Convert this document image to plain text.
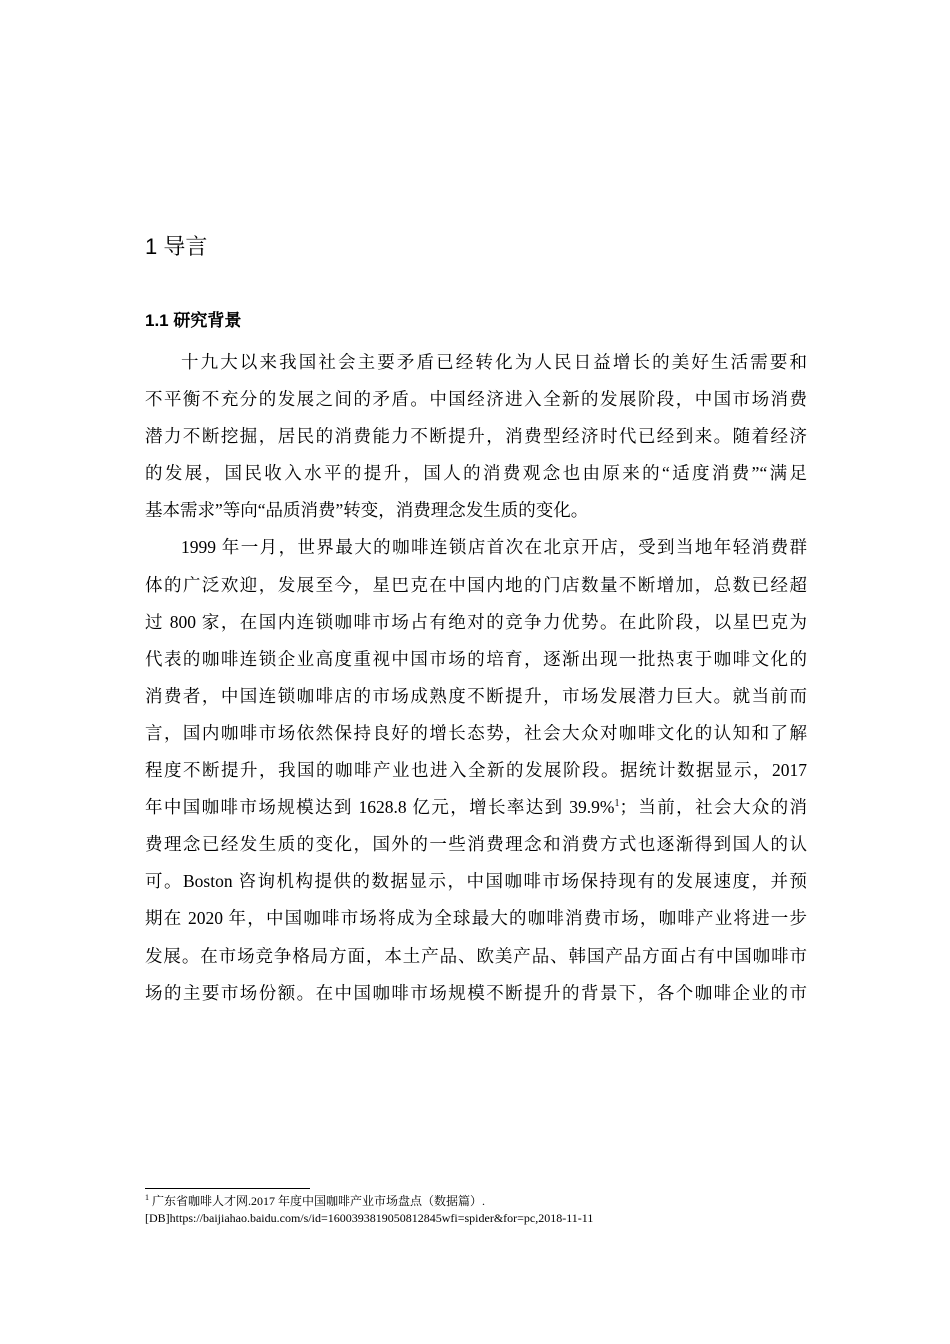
1 导言
1.1 研究背景
十九大以来我国社会主要矛盾已经转化为人民日益增长的美好生活需要和
不平衡不充分的发展之间的矛盾。中国经济进入全新的发展阶段，中国市场消费
潜力不断挖掘，居民的消费能力不断提升，消费型经济时代已经到来。随着经济
的发展，国民收入水平的提升，国人的消费观念也由原来的“适度消费”“满足
基本需求”等向“品质消费”转变，消费理念发生质的变化。
1999 年一月，世界最大的咖啡连锁店首次在北京开店，受到当地年轻消费群
体的广泛欢迎，发展至今，星巴克在中国内地的门店数量不断增加，总数已经超
过 800 家，在国内连锁咖啡市场占有绝对的竞争力优势。在此阶段，以星巴克为
代表的咖啡连锁企业高度重视中国市场的培育，逐渐出现一批热衷于咖啡文化的
消费者，中国连锁咖啡店的市场成熟度不断提升，市场发展潜力巨大。就当前而
言，国内咖啡市场依然保持良好的增长态势，社会大众对咖啡文化的认知和了解
程度不断提升，我国的咖啡产业也进入全新的发展阶段。据统计数据显示，2017
年中国咖啡市场规模达到 1628.8 亿元，增长率达到 39.9%$^1$；当前，社会大众的消
费理念已经发生质的变化，国外的一些消费理念和消费方式也逐渐得到国人的认
可。Boston 咨询机构提供的数据显示，中国咖啡市场保持现有的发展速度，并预
期在 2020 年，中国咖啡市场将成为全球最大的咖啡消费市场，咖啡产业将进一步
发展。在市场竞争格局方面，本土产品、欧美产品、韩国产品方面占有中国咖啡市
场的主要市场份额。在中国咖啡市场规模不断提升的背景下，各个咖啡企业的市
$^1$ 广东省咖啡人才网.2017 年度中国咖啡产业市场盘点（数据篇）.
[DB]https://baijiahao.baidu.com/s/id=1600393819050812845wfi=spider&for=pc,2018-11-11
